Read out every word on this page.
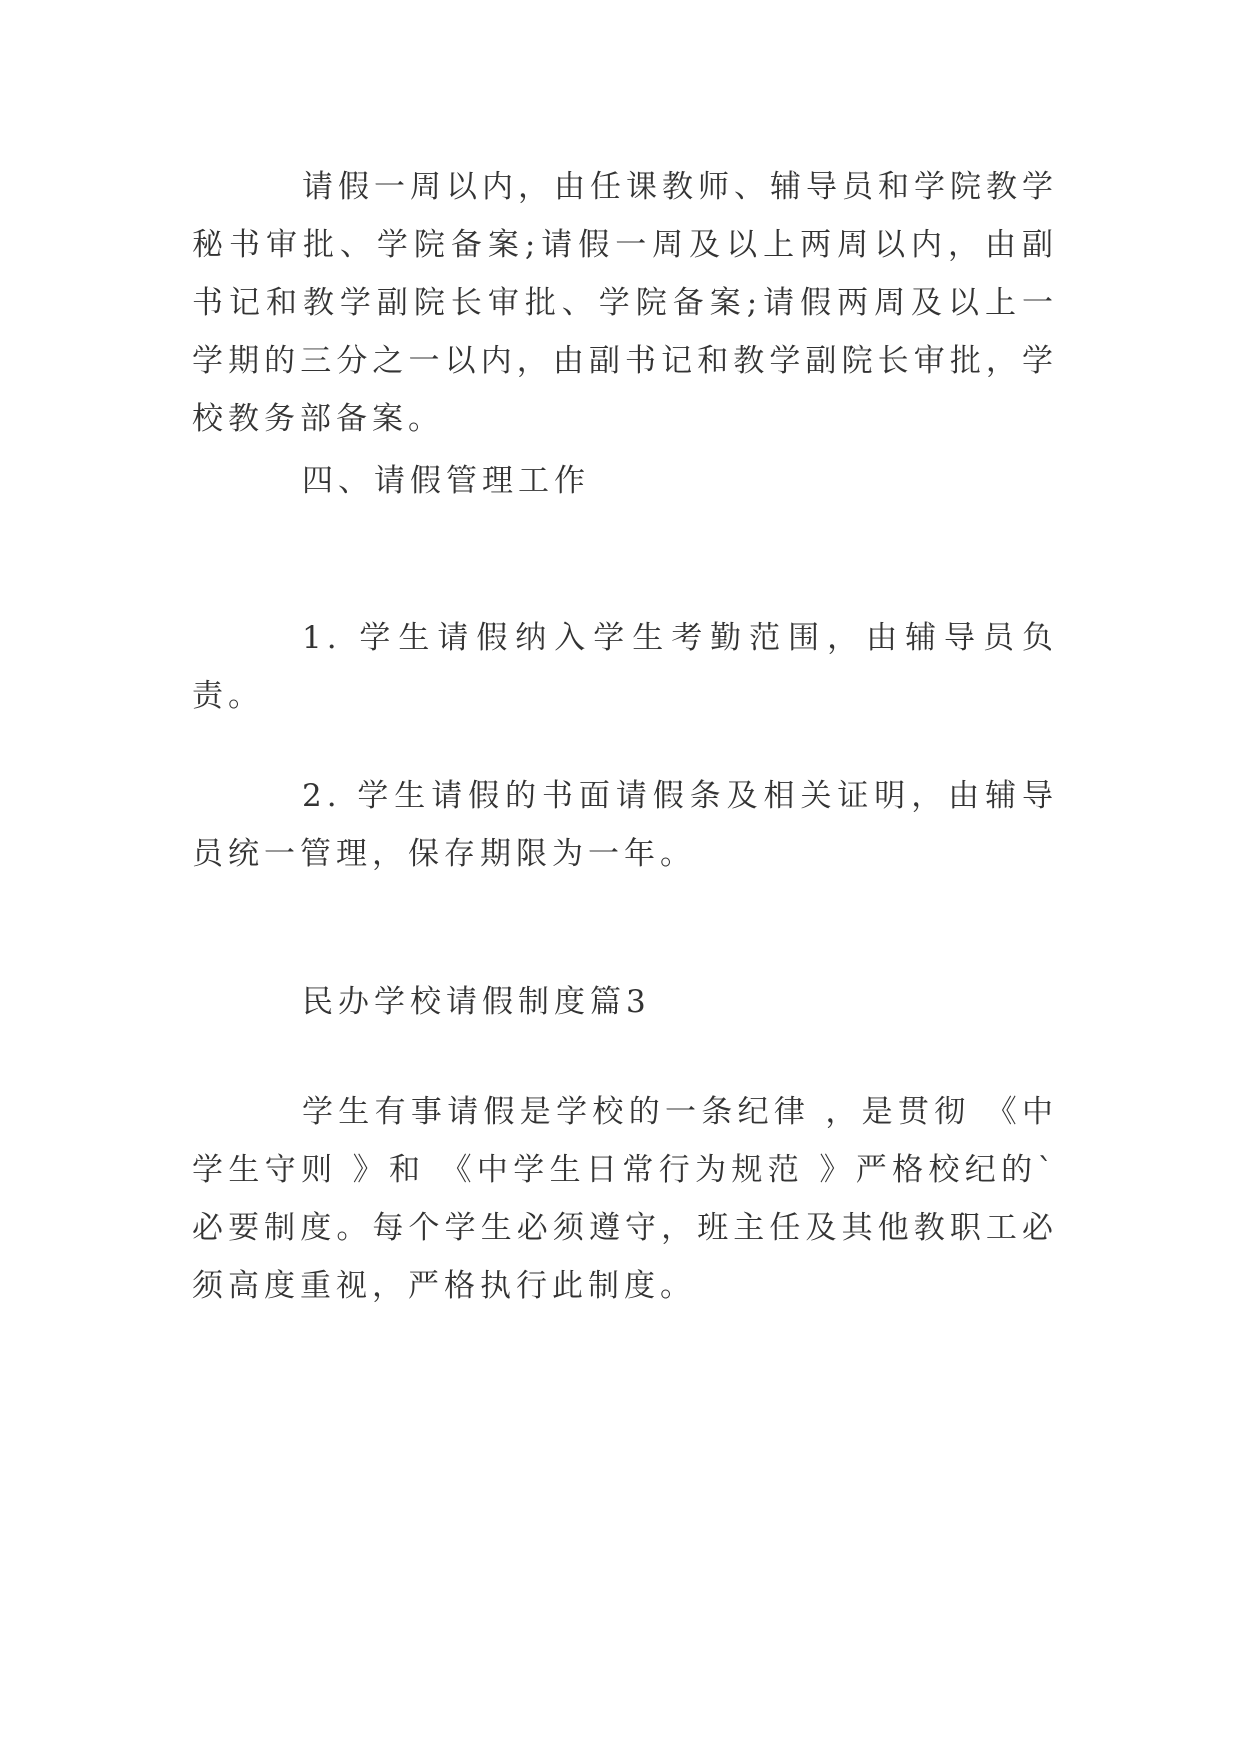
请假一周以内，由任课教师、辅导员和学院教学秘书审批、学院备案;请假一周及以上两周以内，由副书记和教学副院长审批、学院备案;请假两周及以上一学期的三分之一以内，由副书记和教学副院长审批，学校教务部备案。

四、请假管理工作

1. 学生请假纳入学生考勤范围，由辅导员负责。

2. 学生请假的书面请假条及相关证明，由辅导员统一管理，保存期限为一年。

民办学校请假制度篇3

学生有事请假是学校的一条纪律 ，是贯彻 《中学生守则 》和 《中学生日常行为规范 》严格校纪的`必要制度。每个学生必须遵守，班主任及其他教职工必须高度重视，严格执行此制度。
